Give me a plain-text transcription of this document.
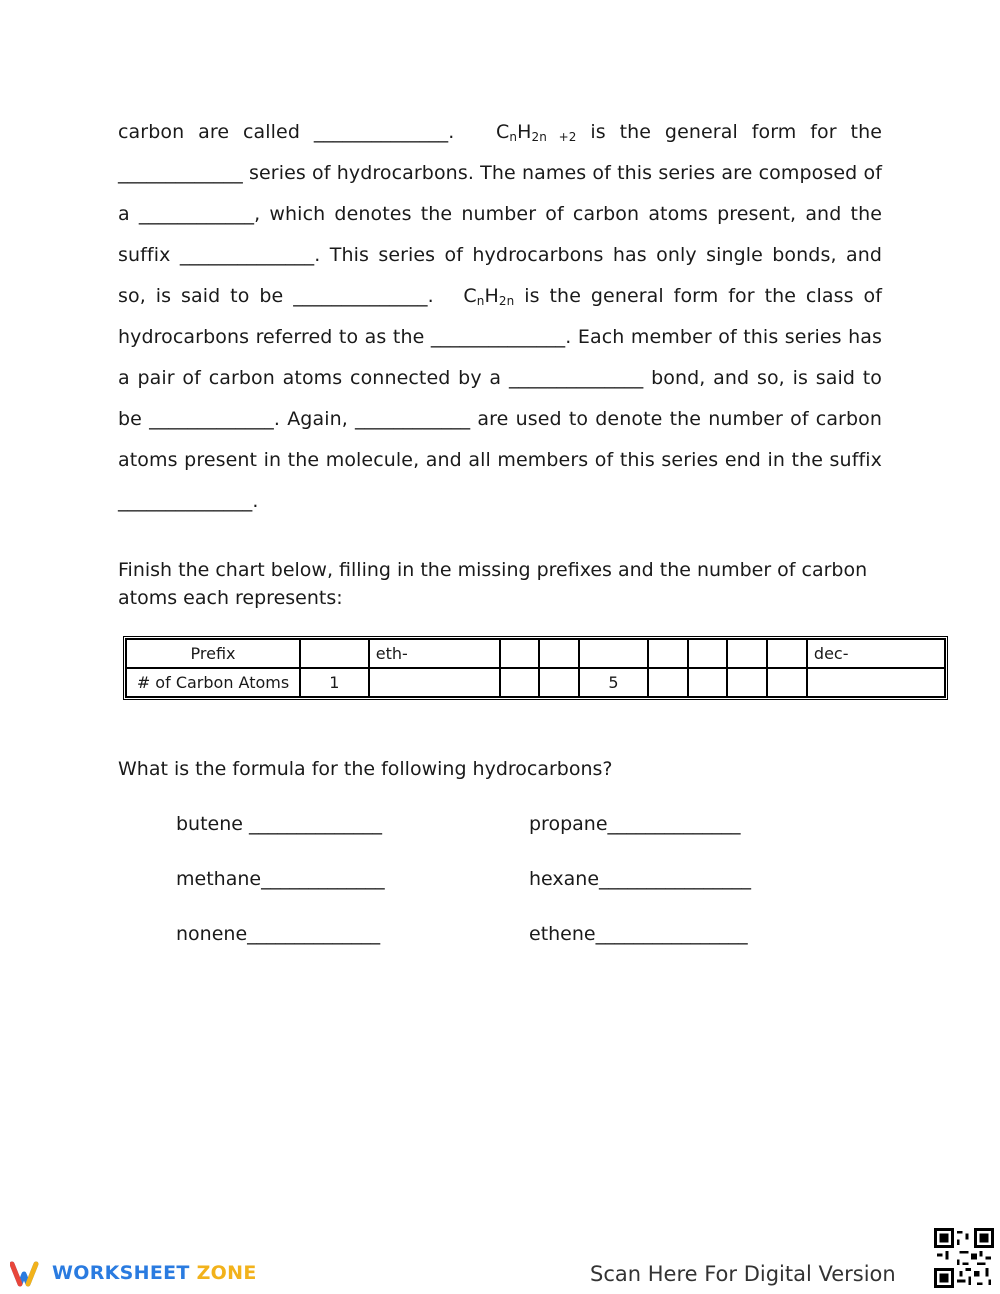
carbon are called ______________. $C_nH_{2n +2}$ is the general form for the _____________ series of hydrocarbons. The names of this series are composed of a ____________, which denotes the number of carbon atoms present, and the suffix ______________. This series of hydrocarbons has only single bonds, and so, is said to be ______________. $C_nH_{2n}$ is the general form for the class of hydrocarbons referred to as the ______________. Each member of this series has a pair of carbon atoms connected by a ______________ bond, and so, is said to be _____________. Again, ____________ are used to denote the number of carbon atoms present in the molecule, and all members of this series end in the suffix ______________.
Finish the chart below, filling in the missing prefixes and the number of carbon atoms each represents:
Prefix		eth-								dec-
# of Carbon Atoms	1				5					
What is the formula for the following hydrocarbons?
butene ______________	propane______________
methane_____________	hexane________________
nonene______________	ethene________________
WORKSHEET ZONE	Scan Here For Digital Version
